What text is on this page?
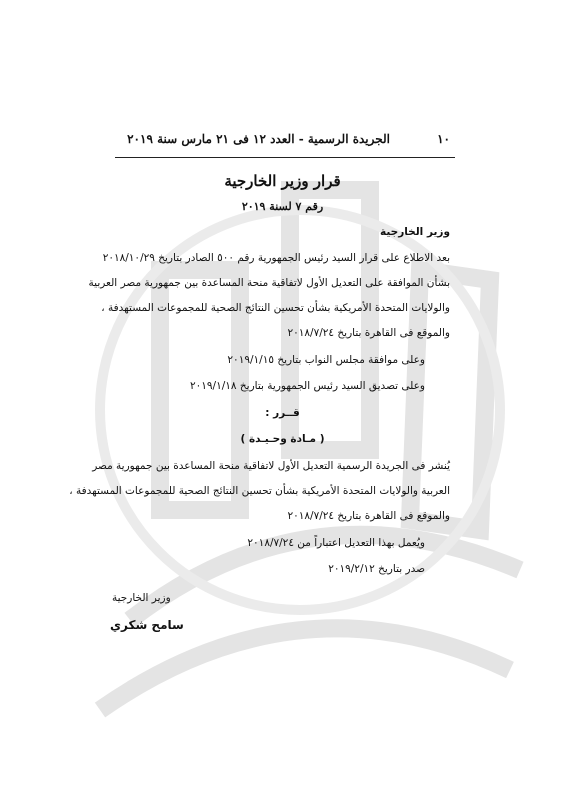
١٠
الجريدة الرسمية - العدد ١٢ فى ٢١ مارس سنة ٢٠١٩
قرار وزير الخارجية
رقم ٧ لسنة ٢٠١٩
وزير الخارجية
بعد الاطلاع على قرار السيد رئيس الجمهورية رقم ٥٠٠ الصادر بتاريخ ٢٠١٨/١٠/٢٩
بشأن الموافقة على التعديل الأول لاتفاقية منحة المساعدة بين جمهورية مصر العربية
والولايات المتحدة الأمريكية بشأن تحسين النتائج الصحية للمجموعات المستهدفة ،
والموقع فى القاهرة بتاريخ ٢٠١٨/٧/٢٤
وعلى موافقة مجلس النواب بتاريخ ٢٠١٩/١/١٥
وعلى تصديق السيد رئيس الجمهورية بتاريخ ٢٠١٩/١/١٨
قــرر :
( مـادة وحـيـدة )
يُنشر فى الجريدة الرسمية التعديل الأول لاتفاقية منحة المساعدة بين جمهورية مصر
العربية والولايات المتحدة الأمريكية بشأن تحسين النتائج الصحية للمجموعات المستهدفة ،
والموقع فى القاهرة بتاريخ ٢٠١٨/٧/٢٤
ويُعمل بهذا التعديل اعتباراً من ٢٠١٨/٧/٢٤
صدر بتاريخ ٢٠١٩/٢/١٢
وزير الخارجية
سامح شكري
